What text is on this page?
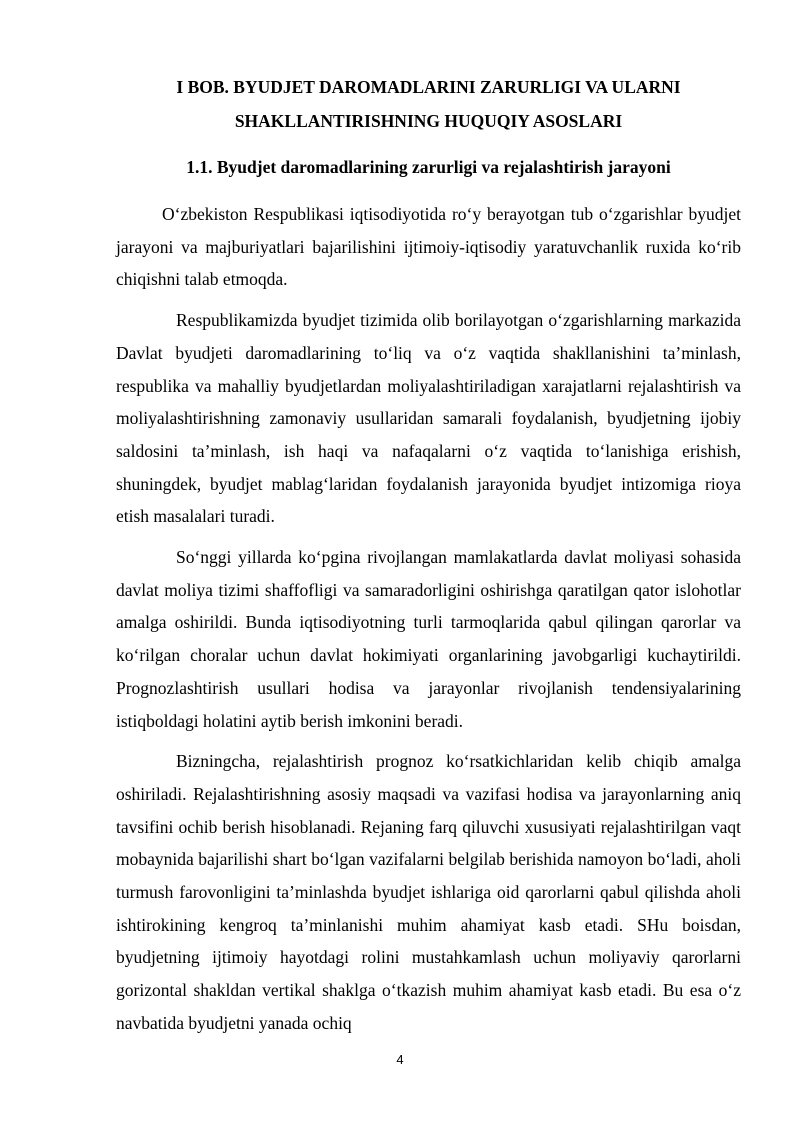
I BOB. BYUDJET DAROMADLARINI ZARURLIGI VA ULARNI
SHAKLLANTIRISHNING HUQUQIY ASOSLARI
1.1. Byudjet daromadlarining zarurligi va rejalashtirish jarayoni

O‘zbekiston Respublikasi iqtisodiyotida ro‘y berayotgan tub o‘zgarishlar byudjet jarayoni va majburiyatlari bajarilishini ijtimoiy-iqtisodiy yaratuvchanlik ruxida ko‘rib chiqishni talab etmoqda.

Respublikamizda byudjet tizimida olib borilayotgan o‘zgarishlarning markazida Davlat byudjeti daromadlarining to‘liq va o‘z vaqtida shakllanishini ta’minlash, respublika va mahalliy byudjetlardan moliyalashtiriladigan xarajatlarni rejalashtirish va moliyalashtirishning zamonaviy usullaridan samarali foydalanish, byudjetning ijobiy saldosini ta’minlash, ish haqi va nafaqalarni o‘z vaqtida to‘lanishiga erishish, shuningdek, byudjet mablag‘laridan foydalanish jarayonida byudjet intizomiga rioya etish masalalari turadi.

So‘nggi yillarda ko‘pgina rivojlangan mamlakatlarda davlat moliyasi sohasida davlat moliya tizimi shaffofligi va samaradorligini oshirishga qaratilgan qator islohotlar amalga oshirildi. Bunda iqtisodiyotning turli tarmoqlarida qabul qilingan qarorlar va ko‘rilgan choralar uchun davlat hokimiyati organlarining javobgarligi kuchaytirildi. Prognozlashtirish usullari hodisa va jarayonlar rivojlanish tendensiyalarining istiqboldagi holatini aytib berish imkonini beradi.

Bizningcha, rejalashtirish prognoz ko‘rsatkichlaridan kelib chiqib amalga oshiriladi. Rejalashtirishning asosiy maqsadi va vazifasi hodisa va jarayonlarning aniq tavsifini ochib berish hisoblanadi. Rejaning farq qiluvchi xususiyati rejalashtirilgan vaqt mobaynida bajarilishi shart bo‘lgan vazifalarni belgilab berishida namoyon bo‘ladi, aholi turmush farovonligini ta’minlashda byudjet ishlariga oid qarorlarni qabul qilishda aholi ishtirokining kengroq ta’minlanishi muhim ahamiyat kasb etadi. SHu boisdan, byudjetning ijtimoiy hayotdagi rolini mustahkamlash uchun moliyaviy qarorlarni gorizontal shakldan vertikal shaklga o‘tkazish muhim ahamiyat kasb etadi. Bu esa o‘z navbatida byudjetni yanada ochiq

4
